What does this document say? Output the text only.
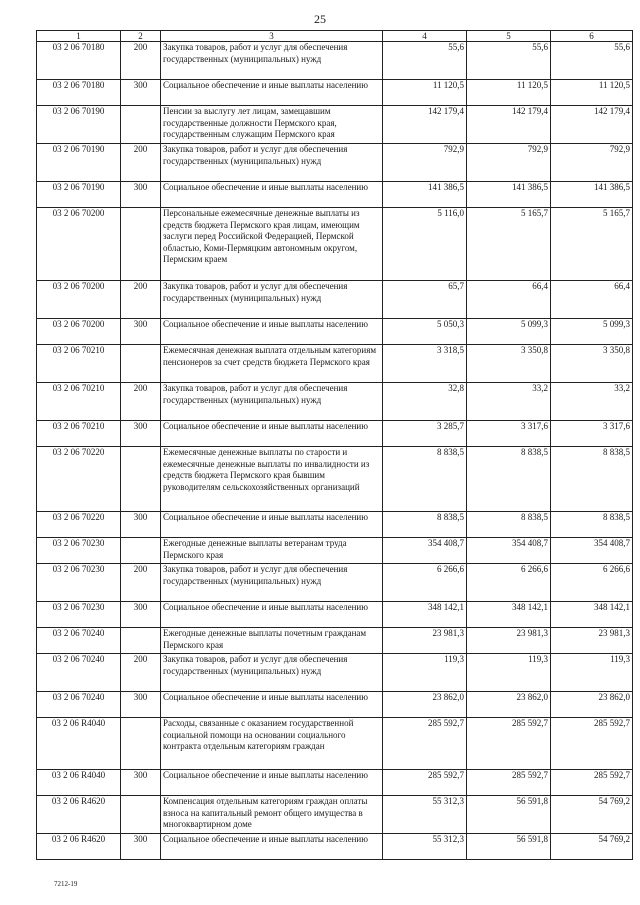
25
1	2	3	4	5	6
03 2 06 70180	200	Закупка товаров, работ и услуг для обеспечения государственных (муниципальных) нужд	55,6	55,6	55,6
03 2 06 70180	300	Социальное обеспечение и иные выплаты населению	11 120,5	11 120,5	11 120,5
03 2 06 70190		Пенсии за выслугу лет лицам, замещавшим государственные должности Пермского края, государственным служащим Пермского края	142 179,4	142 179,4	142 179,4
03 2 06 70190	200	Закупка товаров, работ и услуг для обеспечения государственных (муниципальных) нужд	792,9	792,9	792,9
03 2 06 70190	300	Социальное обеспечение и иные выплаты населению	141 386,5	141 386,5	141 386,5
03 2 06 70200		Персональные ежемесячные денежные выплаты из средств бюджета Пермского края лицам, имеющим заслуги перед Российской Федерацией, Пермской областью, Коми-Пермяцким автономным округом, Пермским краем	5 116,0	5 165,7	5 165,7
03 2 06 70200	200	Закупка товаров, работ и услуг для обеспечения государственных (муниципальных) нужд	65,7	66,4	66,4
03 2 06 70200	300	Социальное обеспечение и иные выплаты населению	5 050,3	5 099,3	5 099,3
03 2 06 70210		Ежемесячная денежная выплата отдельным категориям пенсионеров за счет средств бюджета Пермского края	3 318,5	3 350,8	3 350,8
03 2 06 70210	200	Закупка товаров, работ и услуг для обеспечения государственных (муниципальных) нужд	32,8	33,2	33,2
03 2 06 70210	300	Социальное обеспечение и иные выплаты населению	3 285,7	3 317,6	3 317,6
03 2 06 70220		Ежемесячные денежные выплаты по старости и ежемесячные денежные выплаты по инвалидности из средств бюджета Пермского края бывшим руководителям сельскохозяйственных организаций	8 838,5	8 838,5	8 838,5
03 2 06 70220	300	Социальное обеспечение и иные выплаты населению	8 838,5	8 838,5	8 838,5
03 2 06 70230		Ежегодные денежные выплаты ветеранам труда Пермского края	354 408,7	354 408,7	354 408,7
03 2 06 70230	200	Закупка товаров, работ и услуг для обеспечения государственных (муниципальных) нужд	6 266,6	6 266,6	6 266,6
03 2 06 70230	300	Социальное обеспечение и иные выплаты населению	348 142,1	348 142,1	348 142,1
03 2 06 70240		Ежегодные денежные выплаты почетным гражданам Пермского края	23 981,3	23 981,3	23 981,3
03 2 06 70240	200	Закупка товаров, работ и услуг для обеспечения государственных (муниципальных) нужд	119,3	119,3	119,3
03 2 06 70240	300	Социальное обеспечение и иные выплаты населению	23 862,0	23 862,0	23 862,0
03 2 06 R4040		Расходы, связанные с оказанием государственной социальной помощи на основании социального контракта отдельным категориям граждан	285 592,7	285 592,7	285 592,7
03 2 06 R4040	300	Социальное обеспечение и иные выплаты населению	285 592,7	285 592,7	285 592,7
03 2 06 R4620		Компенсация отдельным категориям граждан оплаты взноса на капитальный ремонт общего имущества в многоквартирном доме	55 312,3	56 591,8	54 769,2
03 2 06 R4620	300	Социальное обеспечение и иные выплаты населению	55 312,3	56 591,8	54 769,2
7212-19
